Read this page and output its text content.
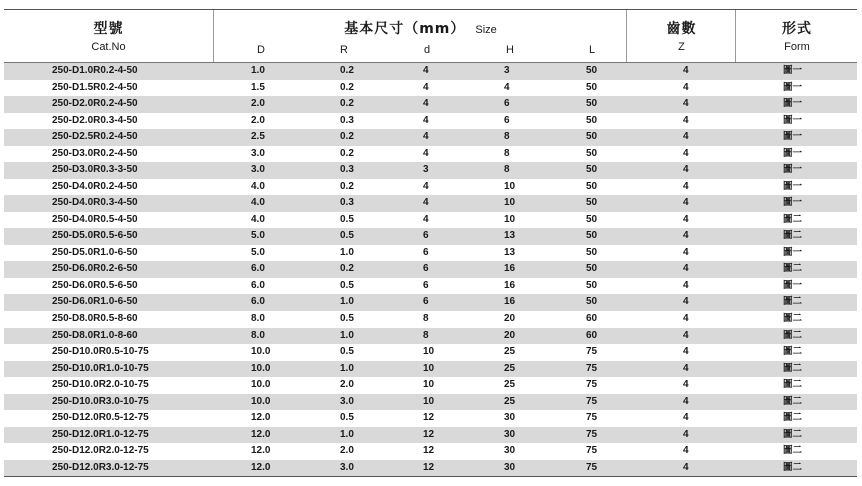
型號
Cat.No
基本尺寸（mm） Size
D	R	d	H	L
齒數
Z
形式
Form
250-D1.0R0.2-4-50	1.0	0.2	4	3	50	4	圖一
250-D1.5R0.2-4-50	1.5	0.2	4	4	50	4	圖一
250-D2.0R0.2-4-50	2.0	0.2	4	6	50	4	圖一
250-D2.0R0.3-4-50	2.0	0.3	4	6	50	4	圖一
250-D2.5R0.2-4-50	2.5	0.2	4	8	50	4	圖一
250-D3.0R0.2-4-50	3.0	0.2	4	8	50	4	圖一
250-D3.0R0.3-3-50	3.0	0.3	3	8	50	4	圖一
250-D4.0R0.2-4-50	4.0	0.2	4	10	50	4	圖一
250-D4.0R0.3-4-50	4.0	0.3	4	10	50	4	圖一
250-D4.0R0.5-4-50	4.0	0.5	4	10	50	4	圖二
250-D5.0R0.5-6-50	5.0	0.5	6	13	50	4	圖二
250-D5.0R1.0-6-50	5.0	1.0	6	13	50	4	圖一
250-D6.0R0.2-6-50	6.0	0.2	6	16	50	4	圖二
250-D6.0R0.5-6-50	6.0	0.5	6	16	50	4	圖一
250-D6.0R1.0-6-50	6.0	1.0	6	16	50	4	圖二
250-D8.0R0.5-8-60	8.0	0.5	8	20	60	4	圖二
250-D8.0R1.0-8-60	8.0	1.0	8	20	60	4	圖二
250-D10.0R0.5-10-75	10.0	0.5	10	25	75	4	圖二
250-D10.0R1.0-10-75	10.0	1.0	10	25	75	4	圖二
250-D10.0R2.0-10-75	10.0	2.0	10	25	75	4	圖二
250-D10.0R3.0-10-75	10.0	3.0	10	25	75	4	圖二
250-D12.0R0.5-12-75	12.0	0.5	12	30	75	4	圖二
250-D12.0R1.0-12-75	12.0	1.0	12	30	75	4	圖二
250-D12.0R2.0-12-75	12.0	2.0	12	30	75	4	圖二
250-D12.0R3.0-12-75	12.0	3.0	12	30	75	4	圖二
